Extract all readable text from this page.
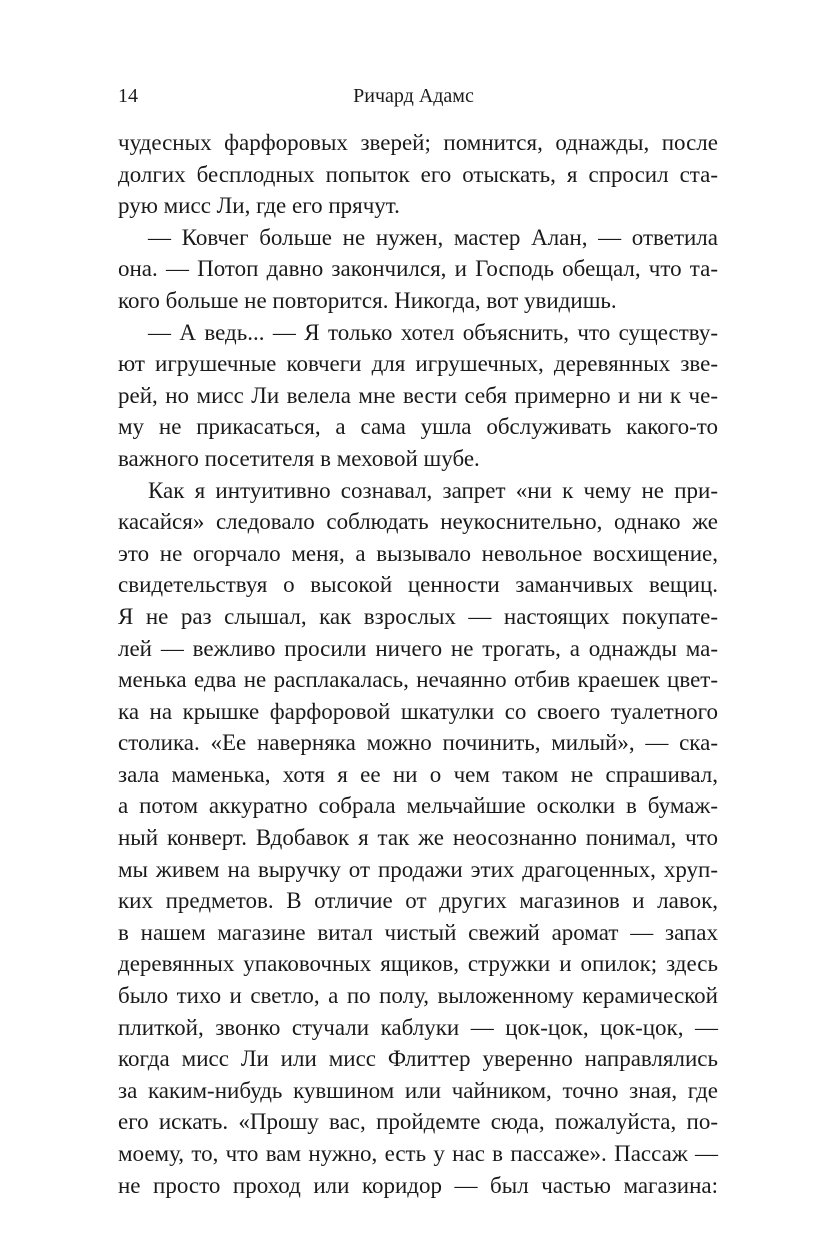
14	Ричард Адамс
чудесных фарфоровых зверей; помнится, однажды, после
долгих бесплодных попыток его отыскать, я спросил ста-
рую мисс Ли, где его прячут.
— Ковчег больше не нужен, мастер Алан, — ответила
она. — Потоп давно закончился, и Господь обещал, что та-
кого больше не повторится. Никогда, вот увидишь.
— А ведь... — Я только хотел объяснить, что существу-
ют игрушечные ковчеги для игрушечных, деревянных зве-
рей, но мисс Ли велела мне вести себя примерно и ни к че-
му не прикасаться, а сама ушла обслуживать какого-то
важного посетителя в меховой шубе.
Как я интуитивно сознавал, запрет «ни к чему не при-
касайся» следовало соблюдать неукоснительно, однако же
это не огорчало меня, а вызывало невольное восхищение,
свидетельствуя о высокой ценности заманчивых вещиц.
Я не раз слышал, как взрослых — настоящих покупате-
лей — вежливо просили ничего не трогать, а однажды ма-
менька едва не расплакалась, нечаянно отбив краешек цвет-
ка на крышке фарфоровой шкатулки со своего туалетного
столика. «Ее наверняка можно починить, милый», — ска-
зала маменька, хотя я ее ни о чем таком не спрашивал,
а потом аккуратно собрала мельчайшие осколки в бумаж-
ный конверт. Вдобавок я так же неосознанно понимал, что
мы живем на выручку от продажи этих драгоценных, хруп-
ких предметов. В отличие от других магазинов и лавок,
в нашем магазине витал чистый свежий аромат — запах
деревянных упаковочных ящиков, стружки и опилок; здесь
было тихо и светло, а по полу, выложенному керамической
плиткой, звонко стучали каблуки — цок-цок, цок-цок, —
когда мисс Ли или мисс Флиттер уверенно направлялись
за каким-нибудь кувшином или чайником, точно зная, где
его искать. «Прошу вас, пройдемте сюда, пожалуйста, по-
моему, то, что вам нужно, есть у нас в пассаже». Пассаж —
не просто проход или коридор — был частью магазина:
